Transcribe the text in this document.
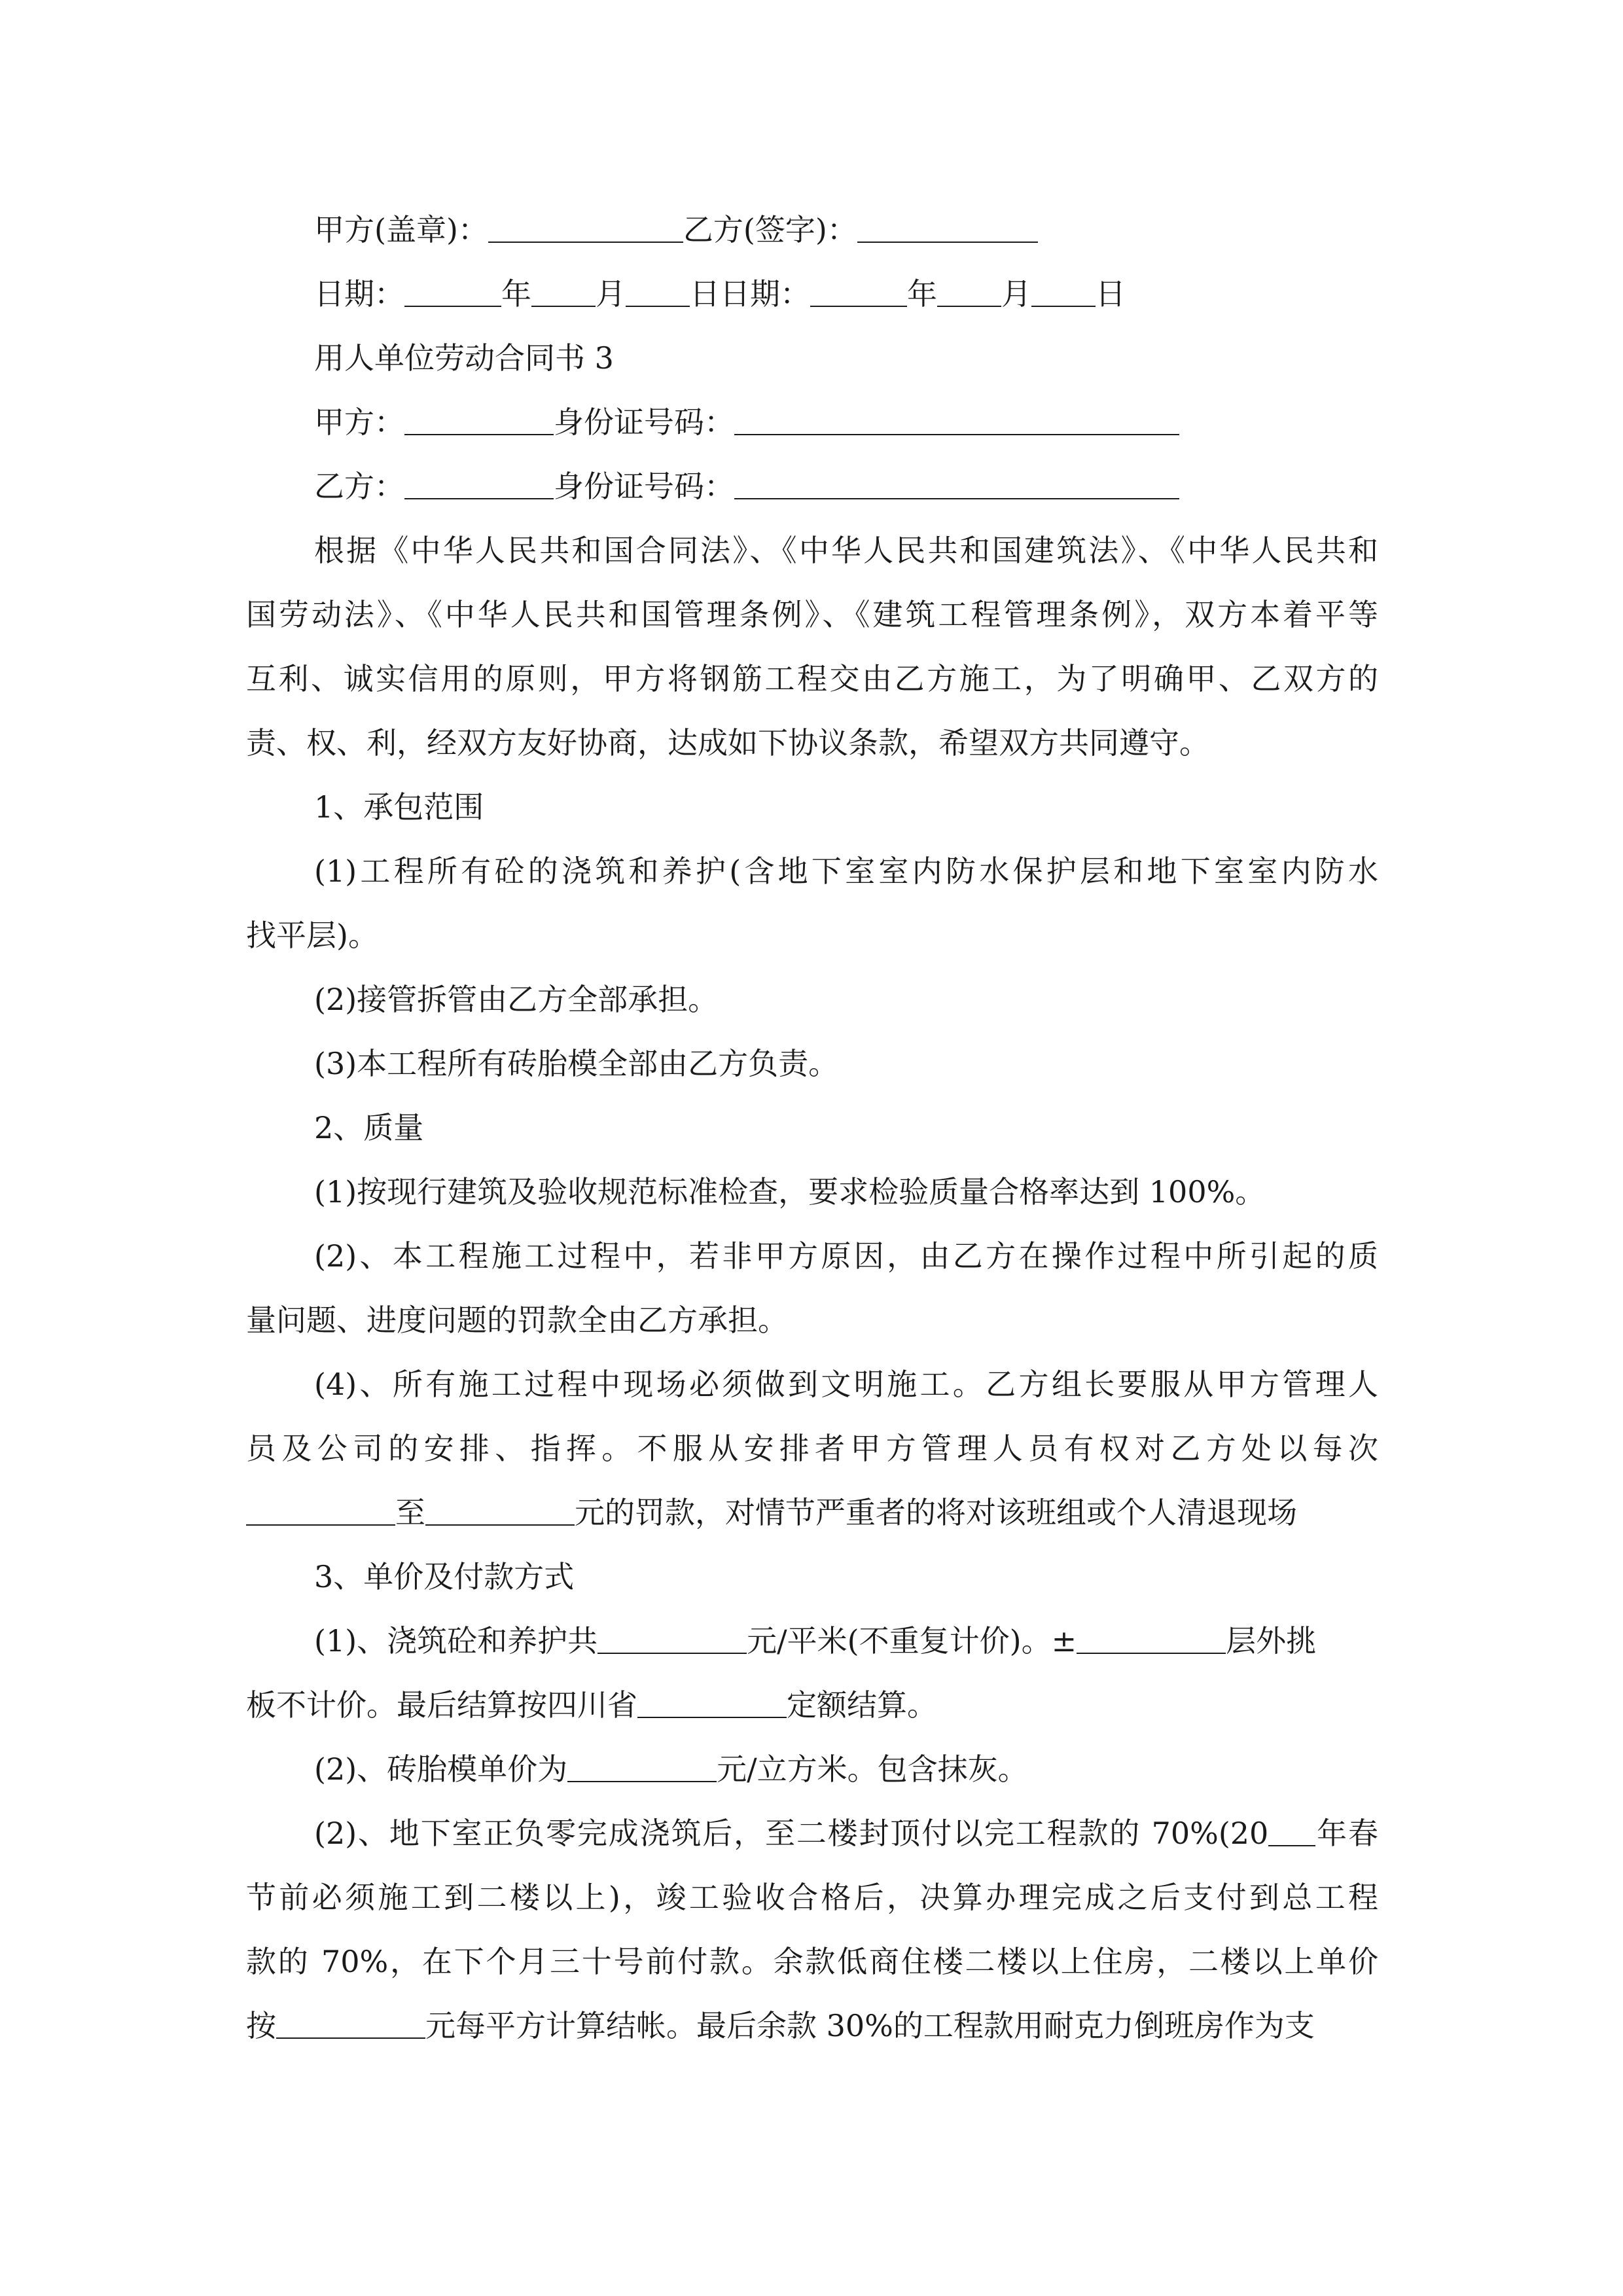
甲方(盖章)：	乙方(签字)：
日期：	年 月 日日期：	年 月 日
用人单位劳动合同书 3
甲方：	身份证号码：
乙方：	身份证号码：
根据《中华人民共和国合同法》、《中华人民共和国建筑法》、《中华人民共和
国劳动法》、《中华人民共和国管理条例》、《建筑工程管理条例》，双方本着平等
互利、诚实信用的原则，甲方将钢筋工程交由乙方施工，为了明确甲、乙双方的
责、权、利，经双方友好协商，达成如下协议条款，希望双方共同遵守。
1、承包范围
(1)工程所有砼的浇筑和养护(含地下室室内防水保护层和地下室室内防水
找平层)。
(2)接管拆管由乙方全部承担。
(3)本工程所有砖胎模全部由乙方负责。
2、质量
(1)按现行建筑及验收规范标准检查，要求检验质量合格率达到 100%。
(2)、本工程施工过程中，若非甲方原因，由乙方在操作过程中所引起的质
量问题、进度问题的罚款全由乙方承担。
(4)、所有施工过程中现场必须做到文明施工。乙方组长要服从甲方管理人
员及公司的安排、指挥。不服从安排者甲方管理人员有权对乙方处以每次
至	元的罚款，对情节严重者的将对该班组或个人清退现场
3、单价及付款方式
(1)、浇筑砼和养护共	元/平米(不重复计价)。±	层外挑
板不计价。最后结算按四川省	定额结算。
(2)、砖胎模单价为	元/立方米。包含抹灰。
(2)、地下室正负零完成浇筑后，至二楼封顶付以完工程款的 70%(20 年春
节前必须施工到二楼以上)，竣工验收合格后，决算办理完成之后支付到总工程
款的 70%，在下个月三十号前付款。余款低商住楼二楼以上住房，二楼以上单价
按	元每平方计算结帐。最后余款 30%的工程款用耐克力倒班房作为支
